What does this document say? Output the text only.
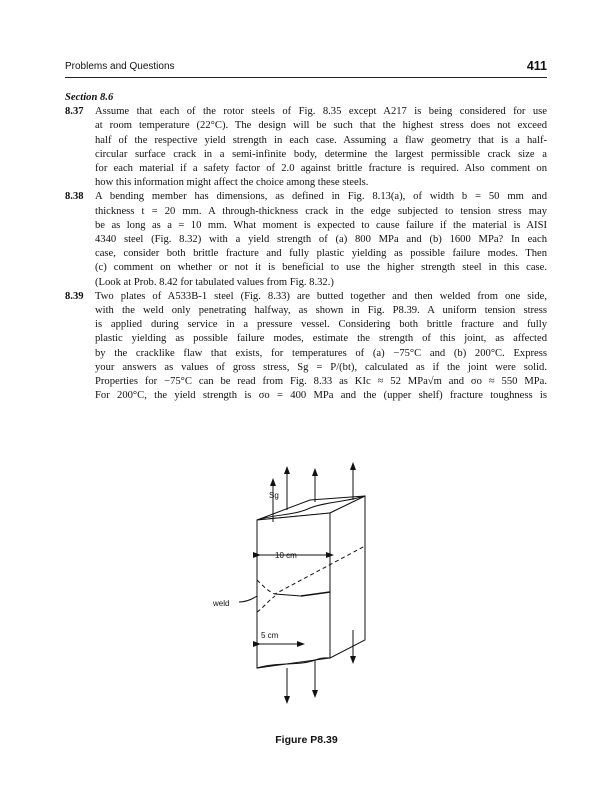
Problems and Questions	411
Section 8.6
8.37 Assume that each of the rotor steels of Fig. 8.35 except A217 is being considered for use
at room temperature (22°C). The design will be such that the highest stress does not exceed
half of the respective yield strength in each case. Assuming a flaw geometry that is a half-
circular surface crack in a semi-infinite body, determine the largest permissible crack size a
for each material if a safety factor of 2.0 against brittle fracture is required. Also comment on
how this information might affect the choice among these steels.
8.38 A bending member has dimensions, as defined in Fig. 8.13(a), of width b = 50 mm and
thickness t = 20 mm. A through-thickness crack in the edge subjected to tension stress may
be as long as a = 10 mm. What moment is expected to cause failure if the material is AISI
4340 steel (Fig. 8.32) with a yield strength of (a) 800 MPa and (b) 1600 MPa? In each
case, consider both brittle fracture and fully plastic yielding as possible failure modes. Then
(c) comment on whether or not it is beneficial to use the higher strength steel in this case.
(Look at Prob. 8.42 for tabulated values from Fig. 8.32.)
8.39 Two plates of A533B-1 steel (Fig. 8.33) are butted together and then welded from one side,
with the weld only penetrating halfway, as shown in Fig. P8.39. A uniform tension stress
is applied during service in a pressure vessel. Considering both brittle fracture and fully
plastic yielding as possible failure modes, estimate the strength of this joint, as affected
by the cracklike flaw that exists, for temperatures of (a) −75°C and (b) 200°C. Express
your answers as values of gross stress, Sg = P/(bt), calculated as if the joint were solid.
Properties for −75°C can be read from Fig. 8.33 as KIc ≈ 52 MPa√m and σo ≈ 550 MPa.
For 200°C, the yield strength is σo = 400 MPa and the (upper shelf) fracture toughness is
Sg
10 cm
5 cm
weld
Figure P8.39
